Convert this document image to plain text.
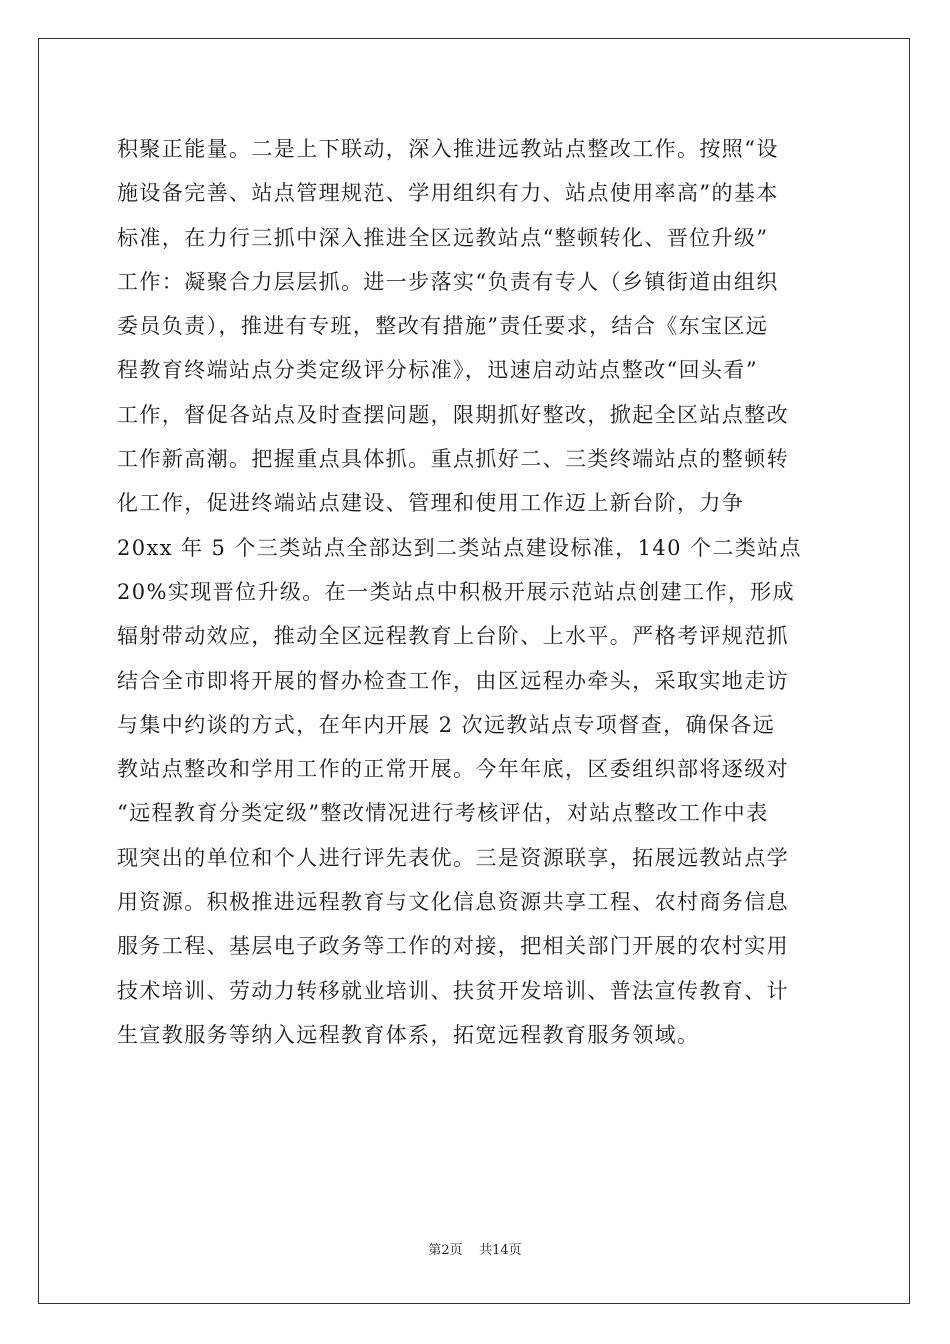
积聚正能量。二是上下联动，深入推进远教站点整改工作。按照“设
施设备完善、站点管理规范、学用组织有力、站点使用率高”的基本
标准，在力行三抓中深入推进全区远教站点“整顿转化、晋位升级”
工作：凝聚合力层层抓。进一步落实“负责有专人（乡镇街道由组织
委员负责），推进有专班，整改有措施”责任要求，结合《东宝区远
程教育终端站点分类定级评分标准》，迅速启动站点整改“回头看”
工作，督促各站点及时查摆问题，限期抓好整改，掀起全区站点整改
工作新高潮。把握重点具体抓。重点抓好二、三类终端站点的整顿转
化工作，促进终端站点建设、管理和使用工作迈上新台阶，力争
20xx 年 5 个三类站点全部达到二类站点建设标准，140 个二类站点
20%实现晋位升级。在一类站点中积极开展示范站点创建工作，形成
辐射带动效应，推动全区远程教育上台阶、上水平。严格考评规范抓
结合全市即将开展的督办检查工作，由区远程办牵头，采取实地走访
与集中约谈的方式，在年内开展 2 次远教站点专项督查，确保各远
教站点整改和学用工作的正常开展。今年年底，区委组织部将逐级对
“远程教育分类定级”整改情况进行考核评估，对站点整改工作中表
现突出的单位和个人进行评先表优。三是资源联享，拓展远教站点学
用资源。积极推进远程教育与文化信息资源共享工程、农村商务信息
服务工程、基层电子政务等工作的对接，把相关部门开展的农村实用
技术培训、劳动力转移就业培训、扶贫开发培训、普法宣传教育、计
生宣教服务等纳入远程教育体系，拓宽远程教育服务领域。
第2页 共14页
